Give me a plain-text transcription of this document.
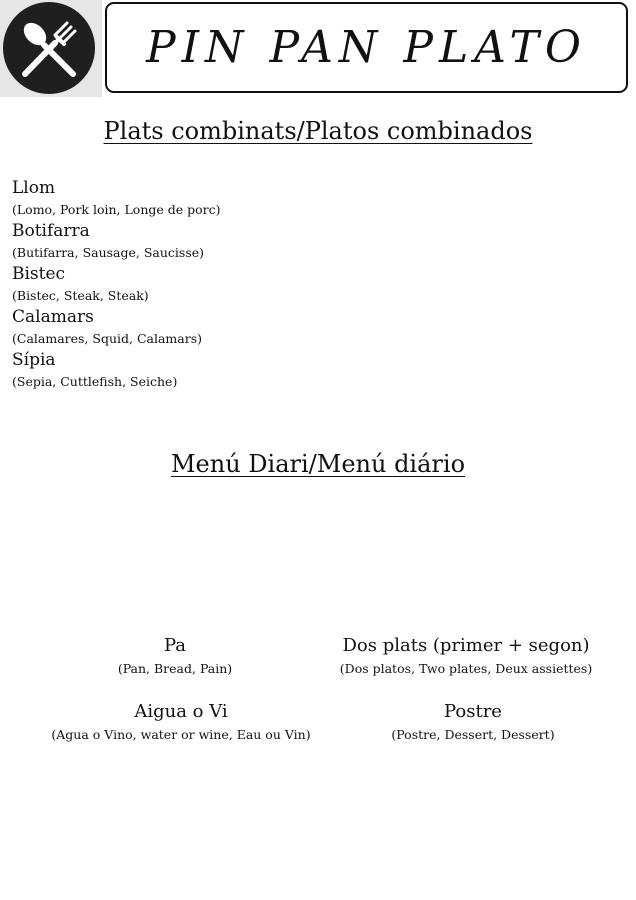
PIN PAN PLATO
Plats combinats/Platos combinados
Llom
(Lomo, Pork loin, Longe de porc)
Botifarra
(Butifarra, Sausage, Saucisse)
Bistec
(Bistec, Steak, Steak)
Calamars
(Calamares, Squid, Calamars)
Sípia
(Sepia, Cuttlefish, Seiche)
Menú Diari/Menú diário
Pa
(Pan, Bread, Pain)
Dos plats (primer + segon)
(Dos platos, Two plates, Deux assiettes)
Aigua o Vi
(Agua o Vino, water or wine, Eau ou Vin)
Postre
(Postre, Dessert, Dessert)
